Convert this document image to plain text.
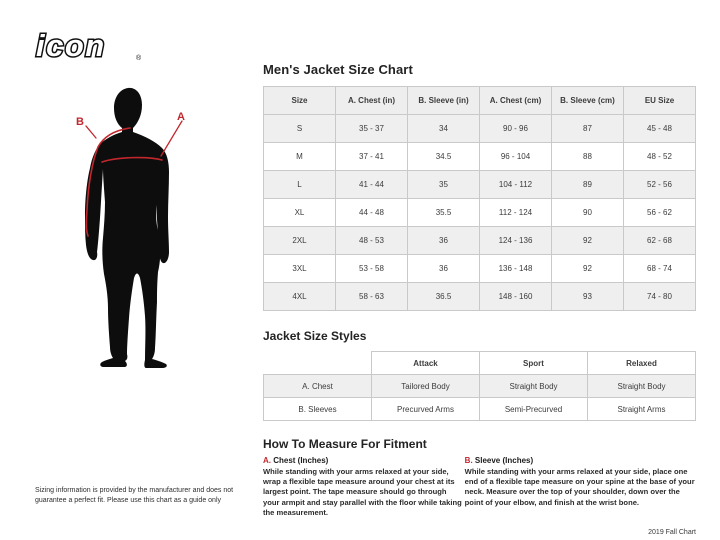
icon	®
A
B
Men's Jacket Size Chart
Size	A. Chest (in)	B. Sleeve (in)	A. Chest (cm)	B. Sleeve (cm)	EU Size
S	35 - 37	34	90 - 96	87	45 - 48
M	37 - 41	34.5	96 - 104	88	48 - 52
L	41 - 44	35	104 - 112	89	52 - 56
XL	44 - 48	35.5	112 - 124	90	56 - 62
2XL	48 - 53	36	124 - 136	92	62 - 68
3XL	53 - 58	36	136 - 148	92	68 - 74
4XL	58 - 63	36.5	148 - 160	93	74 - 80
Jacket Size Styles
	Attack	Sport	Relaxed
A. Chest	Tailored Body	Straight Body	Straight Body
B. Sleeves	Precurved Arms	Semi-Precurved	Straight Arms
How To Measure For Fitment
A. Chest (Inches)
While standing with your arms relaxed at your side, wrap a flexible tape measure around your chest at its largest point. The tape measure should go through your armpit and stay parallel with the floor while taking the measurement.
B. Sleeve (Inches)
While standing with your arms relaxed at your side, place one end of a flexible tape measure on your spine at the base of your neck. Measure over the top of your shoulder, down over the point of your elbow, and finish at the wrist bone.
2019 Fall Chart
Sizing information is provided by the manufacturer and does not guarantee a perfect fit. Please use this chart as a guide only
